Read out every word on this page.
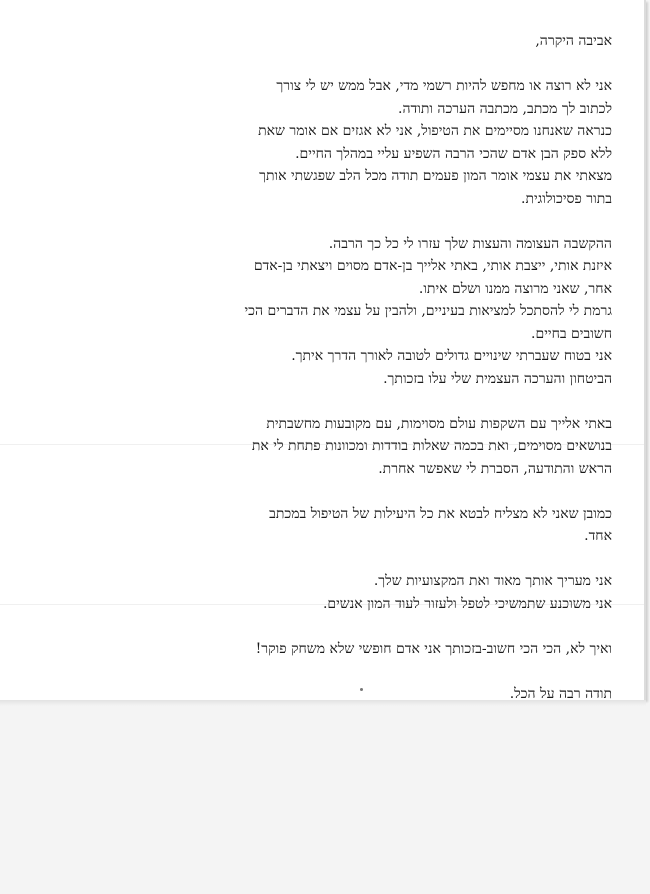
אביבה היקרה,
אני לא רוצה או מחפש להיות רשמי מדי, אבל ממש יש לי צורך
לכתוב לך מכתב, מכתבה הערכה ותודה.
כנראה שאנחנו מסיימים את הטיפול, אני לא אגזים אם אומר שאת
ללא ספק הבן אדם שהכי הרבה השפיע עליי במהלך החיים.
מצאתי את עצמי אומר המון פעמים תודה מכל הלב שפגשתי אותך
בתור פסיכולוגית.
ההקשבה העצומה והעצות שלך עזרו לי כל כך הרבה.
איזנת אותי, ייצבת אותי, באתי אלייך בן-אדם מסוים ויצאתי בן-אדם
אחר, שאני מרוצה ממנו ושלם איתו.
גרמת לי להסתכל למציאות בעיניים, ולהבין על עצמי את הדברים הכי
חשובים בחיים.
אני בטוח שעברתי שינויים גדולים לטובה לאורך הדרך איתך.
הביטחון והערכה העצמית שלי עלו בזכותך.
באתי אלייך עם השקפות עולם מסוימות, עם מקובעות מחשבתית
בנושאים מסוימים, ואת בכמה שאלות בודדות ומכוונות פתחת לי את
הראש והתודעה, הסברת לי שאפשר אחרת.
כמובן שאני לא מצליח לבטא את כל היעילות של הטיפול במכתב
אחד.
אני מעריך אותך מאוד ואת המקצועיות שלך.
אני משוכנע שתמשיכי לטפל ולעזור לעוד המון אנשים.
ואיך לא, הכי הכי חשוב-בזכותך אני אדם חופשי שלא משחק פוקר!
תודה רבה על הכל.
